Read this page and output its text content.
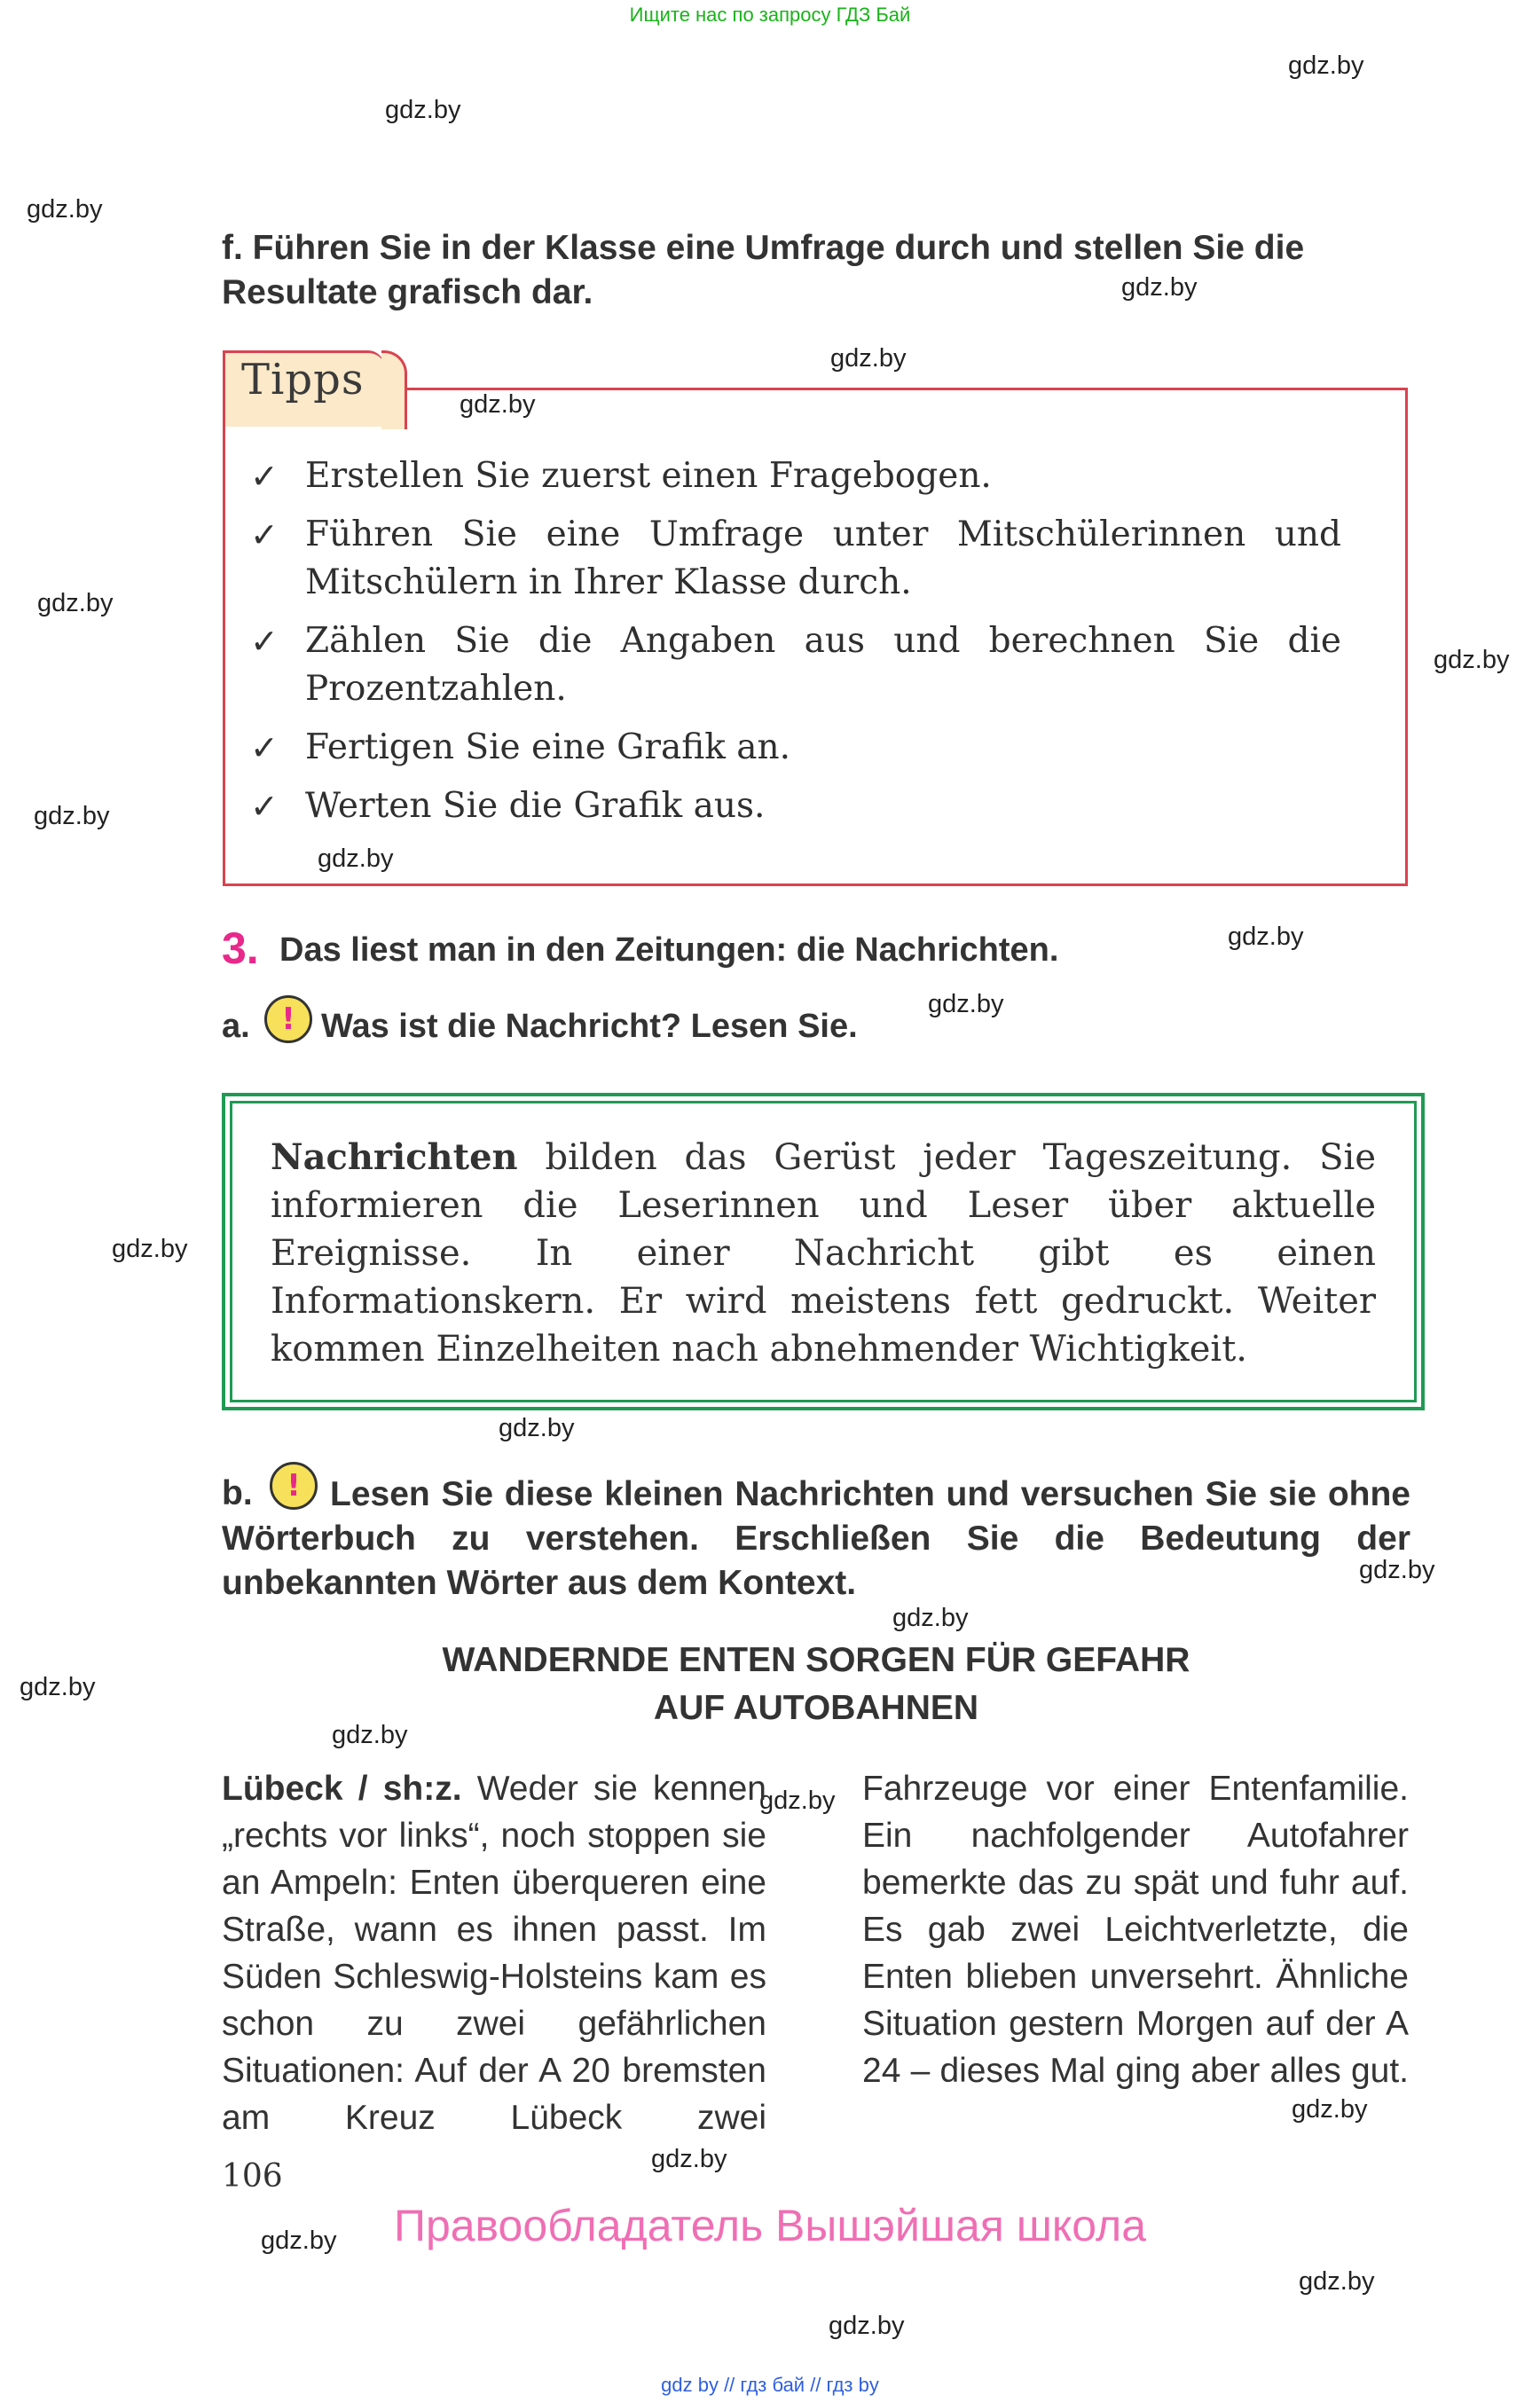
Ищите нас по запросу ГДЗ Бай
gdz.by
gdz.by
gdz.by
gdz.by
gdz.by
gdz.by
gdz.by
gdz.by
gdz.by
gdz.by
gdz.by
gdz.by
gdz.by
gdz.by
gdz.by
gdz.by
gdz.by
gdz.by
gdz.by
gdz.by
gdz.by
gdz.by
gdz.by
gdz.by
f. Führen Sie in der Klasse eine Umfrage durch und stellen Sie die Resultate grafisch dar.
Tipps
✓ Erstellen Sie zuerst einen Fragebogen.
✓ Führen Sie eine Umfrage unter Mitschülerinnen und Mitschülern in Ihrer Klasse durch.
✓ Zählen Sie die Angaben aus und berechnen Sie die Prozentzahlen.
✓ Fertigen Sie eine Grafik an.
✓ Werten Sie die Grafik aus.
3. Das liest man in den Zeitungen: die Nachrichten.
a.	! Was ist die Nachricht? Lesen Sie.
Nachrichten bilden das Gerüst jeder Tageszeitung. Sie informieren die Leserinnen und Leser über aktuelle Ereignisse. In einer Nachricht gibt es einen Informationskern. Er wird meistens fett gedruckt. Weiter kommen Einzelheiten nach abnehmender Wichtigkeit.
Lesen Sie diese kleinen Nachrichten und versuchen Sie sie ohne Wörterbuch zu verstehen. Erschließen Sie die Bedeutung der unbekannten Wörter aus dem Kontext.
b.	!
WANDERNDE ENTEN SORGEN FÜR GEFAHR
AUF AUTOBAHNEN
Lübeck / sh:z. Weder sie kennen „rechts vor links“, noch stoppen sie an Ampeln: Enten überqueren eine Straße, wann es ihnen passt. Im Süden Schleswig-Holsteins kam es schon zu zwei gefährlichen Situationen: Auf der A 20 bremsten am Kreuz Lübeck zwei
Fahrzeuge vor einer Entenfamilie. Ein nachfolgender Autofahrer bemerkte das zu spät und fuhr auf. Es gab zwei Leichtverletzte, die Enten blieben unversehrt. Ähnliche Situation gestern Morgen auf der A 24 – dieses Mal ging aber alles gut.
106
Правообладатель Вышэйшая школа
gdz by // гдз бай // гдз by
